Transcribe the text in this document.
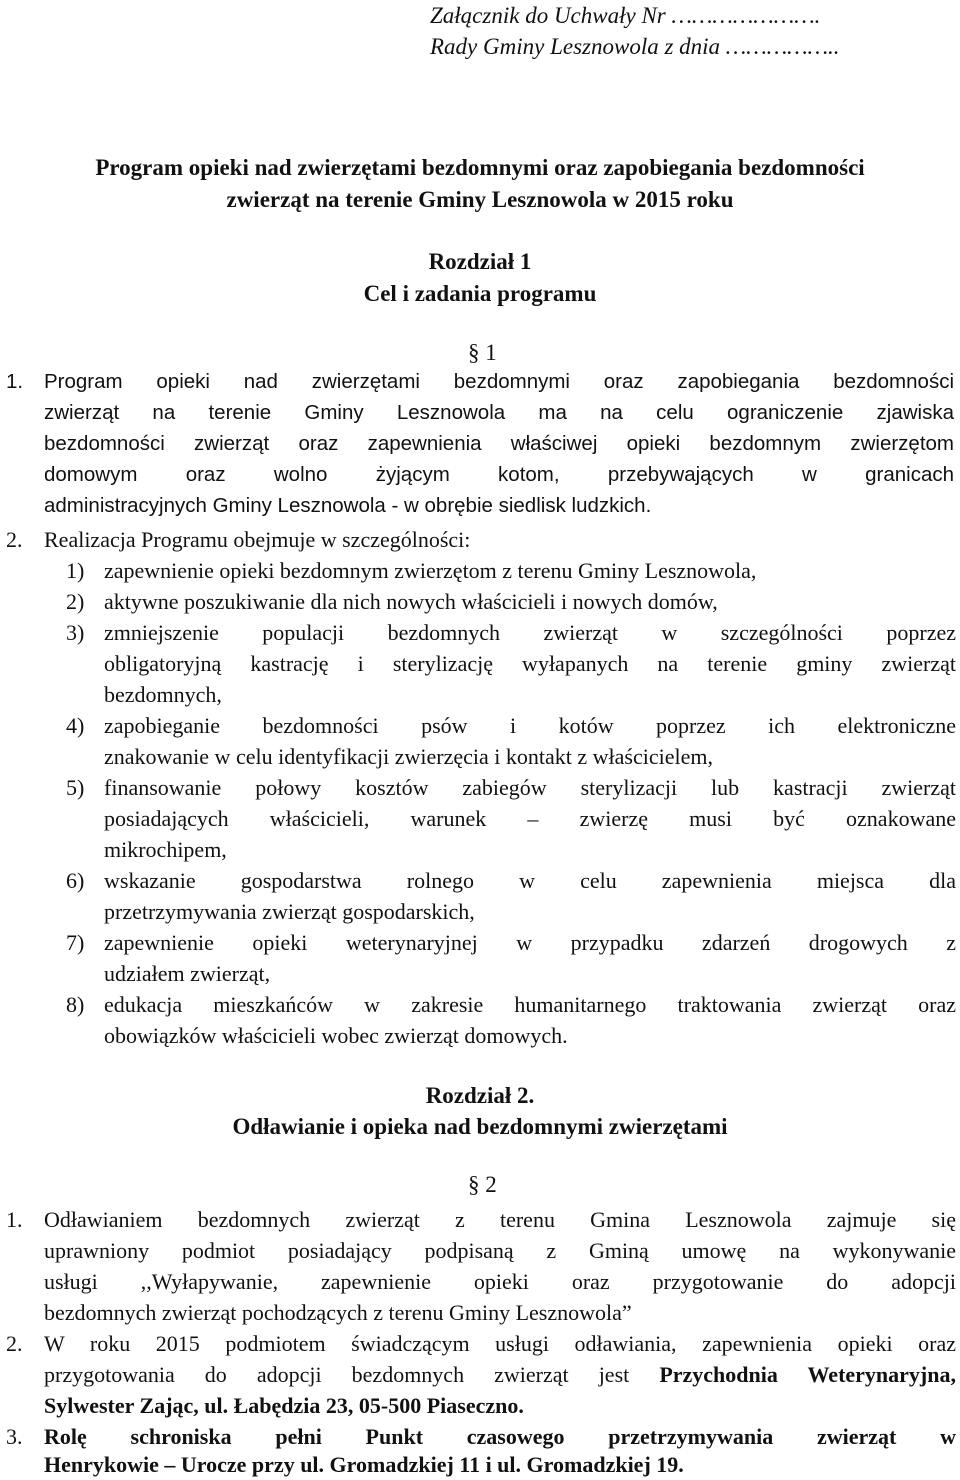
Załącznik do Uchwały Nr ………………….
Rady Gminy Lesznowola z dnia ……………..
Program opieki nad zwierzętami bezdomnymi oraz zapobiegania bezdomności
zwierząt na terenie Gminy Lesznowola w 2015 roku
Rozdział 1
Cel i zadania programu
§ 1
1. Program opieki nad zwierzętami bezdomnymi oraz zapobiegania bezdomności
zwierząt na terenie Gminy Lesznowola ma na celu ograniczenie zjawiska
bezdomności zwierząt oraz zapewnienia właściwej opieki bezdomnym zwierzętom
domowym oraz wolno żyjącym kotom, przebywających w granicach
administracyjnych Gminy Lesznowola - w obrębie siedlisk ludzkich.
2. Realizacja Programu obejmuje w szczególności:
1) zapewnienie opieki bezdomnym zwierzętom z terenu Gminy Lesznowola,
2) aktywne poszukiwanie dla nich nowych właścicieli i nowych domów,
3) zmniejszenie populacji bezdomnych zwierząt w szczególności poprzez
obligatoryjną kastrację i sterylizację wyłapanych na terenie gminy zwierząt
bezdomnych,
4) zapobieganie bezdomności psów i kotów poprzez ich elektroniczne
znakowanie w celu identyfikacji zwierzęcia i kontakt z właścicielem,
5) finansowanie połowy kosztów zabiegów sterylizacji lub kastracji zwierząt
posiadających właścicieli, warunek – zwierzę musi być oznakowane
mikrochipem,
6) wskazanie gospodarstwa rolnego w celu zapewnienia miejsca dla
przetrzymywania zwierząt gospodarskich,
7) zapewnienie opieki weterynaryjnej w przypadku zdarzeń drogowych z
udziałem zwierząt,
8) edukacja mieszkańców w zakresie humanitarnego traktowania zwierząt oraz
obowiązków właścicieli wobec zwierząt domowych.
Rozdział 2.
Odławianie i opieka nad bezdomnymi zwierzętami
§ 2
1. Odławianiem bezdomnych zwierząt z terenu Gmina Lesznowola zajmuje się
uprawniony podmiot posiadający podpisaną z Gminą umowę na wykonywanie
usługi ,,Wyłapywanie, zapewnienie opieki oraz przygotowanie do adopcji
bezdomnych zwierząt pochodzących z terenu Gminy Lesznowola”
2. W roku 2015 podmiotem świadczącym usługi odławiania, zapewnienia opieki oraz
przygotowania do adopcji bezdomnych zwierząt jest Przychodnia Weterynaryjna,
Sylwester Zając, ul. Łabędzia 23, 05-500 Piaseczno.
3. Rolę schroniska pełni Punkt czasowego przetrzymywania zwierząt w
Henrykowie – Urocze przy ul. Gromadzkiej 11 i ul. Gromadzkiej 19.
